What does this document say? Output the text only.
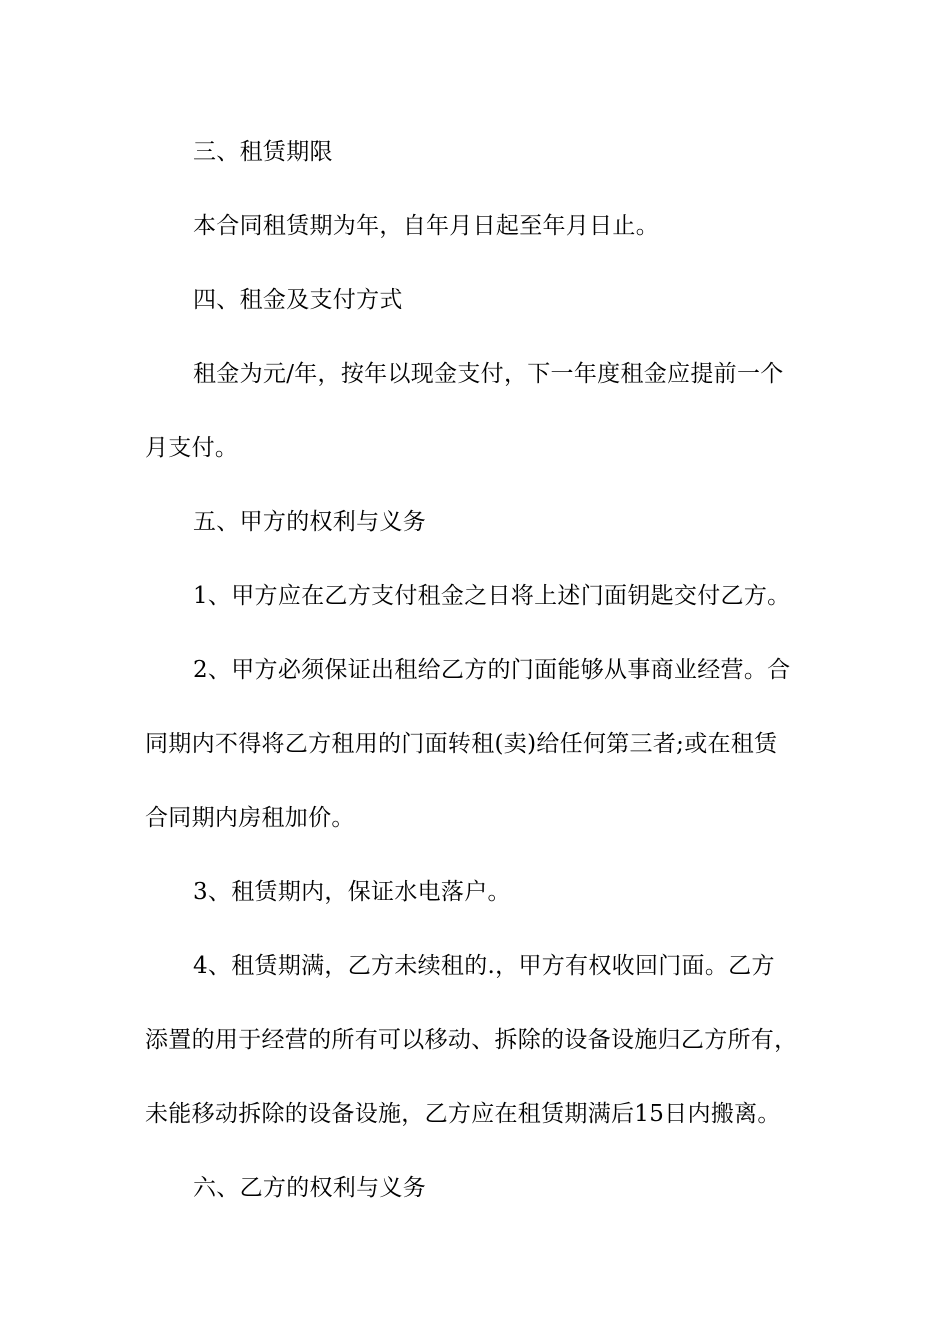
三、租赁期限
本合同租赁期为年，自年月日起至年月日止。
四、租金及支付方式
租金为元/年，按年以现金支付，下一年度租金应提前一个
月支付。
五、甲方的权利与义务
1、甲方应在乙方支付租金之日将上述门面钥匙交付乙方。
2、甲方必须保证出租给乙方的门面能够从事商业经营。合
同期内不得将乙方租用的门面转租(卖)给任何第三者;或在租赁
合同期内房租加价。
3、租赁期内，保证水电落户。
4、租赁期满，乙方未续租的.，甲方有权收回门面。乙方
添置的用于经营的所有可以移动、拆除的设备设施归乙方所有，
未能移动拆除的设备设施，乙方应在租赁期满后15日内搬离。
六、乙方的权利与义务
